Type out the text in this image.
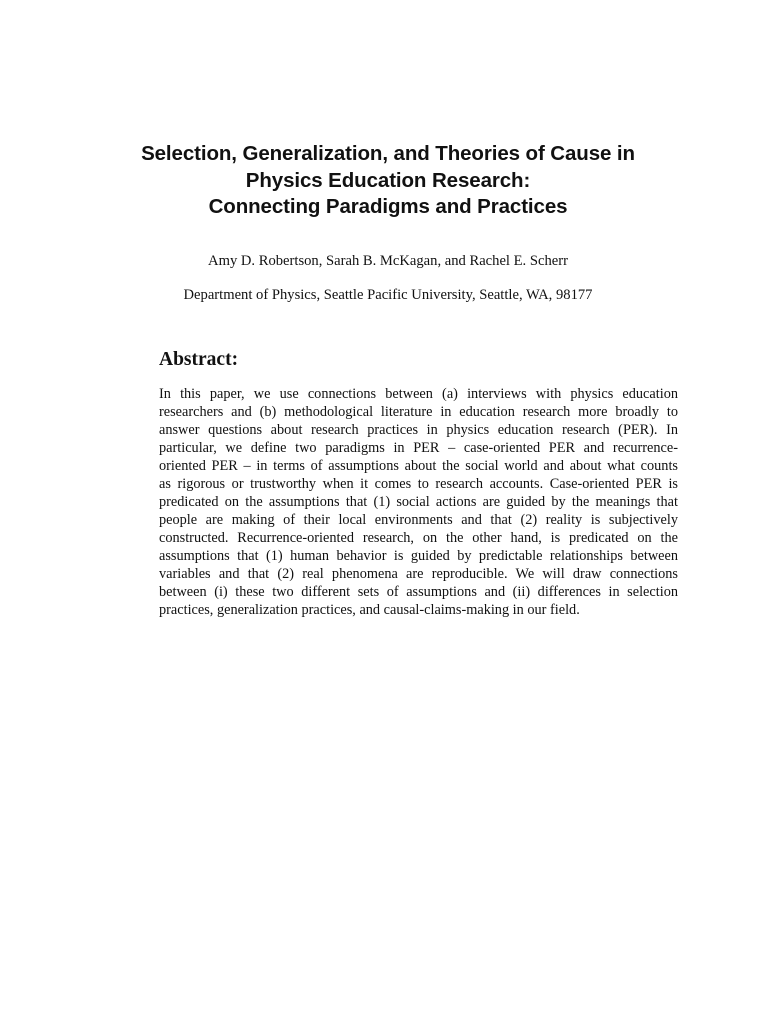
Selection, Generalization, and Theories of Cause in
Physics Education Research:
Connecting Paradigms and Practices
Amy D. Robertson, Sarah B. McKagan, and Rachel E. Scherr
Department of Physics, Seattle Pacific University, Seattle, WA, 98177
Abstract:
In this paper, we use connections between (a) interviews with physics education
researchers and (b) methodological literature in education research more broadly to
answer questions about research practices in physics education research (PER). In
particular, we define two paradigms in PER – case-oriented PER and recurrence-
oriented PER – in terms of assumptions about the social world and about what counts
as rigorous or trustworthy when it comes to research accounts. Case-oriented PER is
predicated on the assumptions that (1) social actions are guided by the meanings that
people are making of their local environments and that (2) reality is subjectively
constructed. Recurrence-oriented research, on the other hand, is predicated on the
assumptions that (1) human behavior is guided by predictable relationships between
variables and that (2) real phenomena are reproducible. We will draw connections
between (i) these two different sets of assumptions and (ii) differences in selection
practices, generalization practices, and causal-claims-making in our field.
